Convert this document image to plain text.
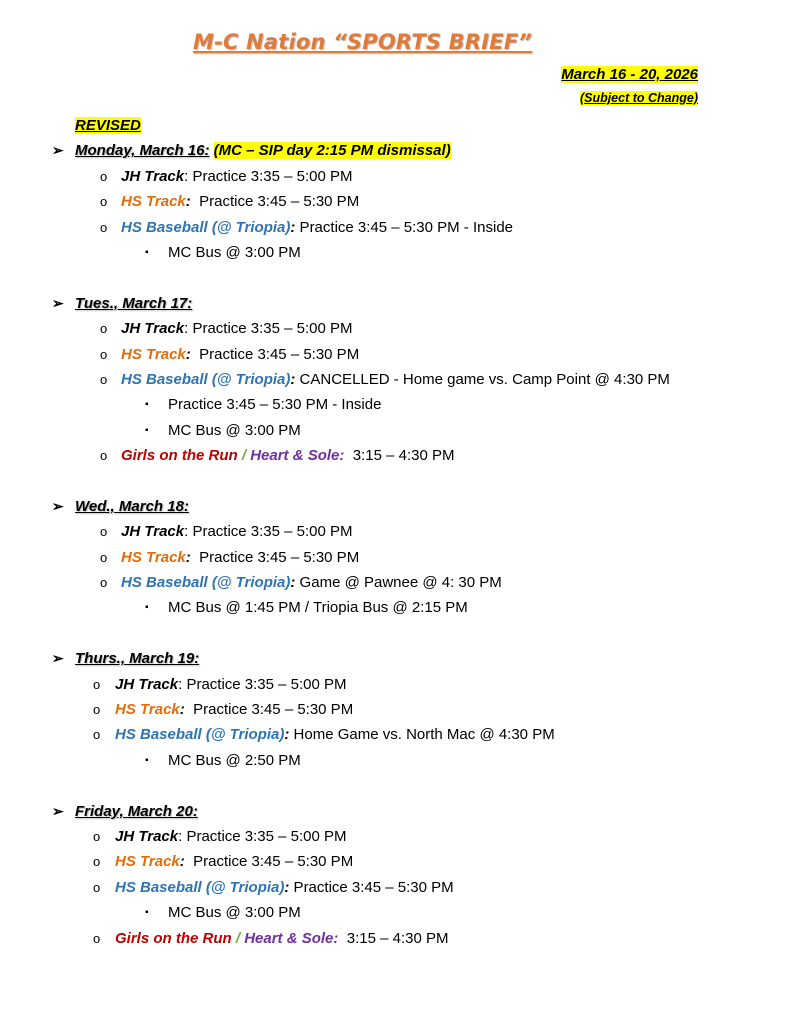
M-C Nation “SPORTS BRIEF”
March 16 - 20, 2026
(Subject to Change)
REVISED
➢ Monday, March 16: (MC – SIP day 2:15 PM dismissal)
o JH Track: Practice 3:35 – 5:00 PM
o HS Track:  Practice 3:45 – 5:30 PM
o HS Baseball (@ Triopia): Practice 3:45 – 5:30 PM - Inside
▪ MC Bus @ 3:00 PM
➢ Tues., March 17:
o JH Track: Practice 3:35 – 5:00 PM
o HS Track:  Practice 3:45 – 5:30 PM
o HS Baseball (@ Triopia): CANCELLED - Home game vs. Camp Point @ 4:30 PM
▪ Practice 3:45 – 5:30 PM - Inside
▪ MC Bus @ 3:00 PM
o Girls on the Run / Heart & Sole:  3:15 – 4:30 PM
➢ Wed., March 18:
o JH Track: Practice 3:35 – 5:00 PM
o HS Track:  Practice 3:45 – 5:30 PM
o HS Baseball (@ Triopia): Game @ Pawnee @ 4: 30 PM
▪ MC Bus @ 1:45 PM / Triopia Bus @ 2:15 PM
➢ Thurs., March 19:
o JH Track: Practice 3:35 – 5:00 PM
o HS Track:  Practice 3:45 – 5:30 PM
o HS Baseball (@ Triopia): Home Game vs. North Mac @ 4:30 PM
▪ MC Bus @ 2:50 PM
➢ Friday, March 20:
o JH Track: Practice 3:35 – 5:00 PM
o HS Track:  Practice 3:45 – 5:30 PM
o HS Baseball (@ Triopia): Practice 3:45 – 5:30 PM
▪ MC Bus @ 3:00 PM
o Girls on the Run / Heart & Sole:  3:15 – 4:30 PM
